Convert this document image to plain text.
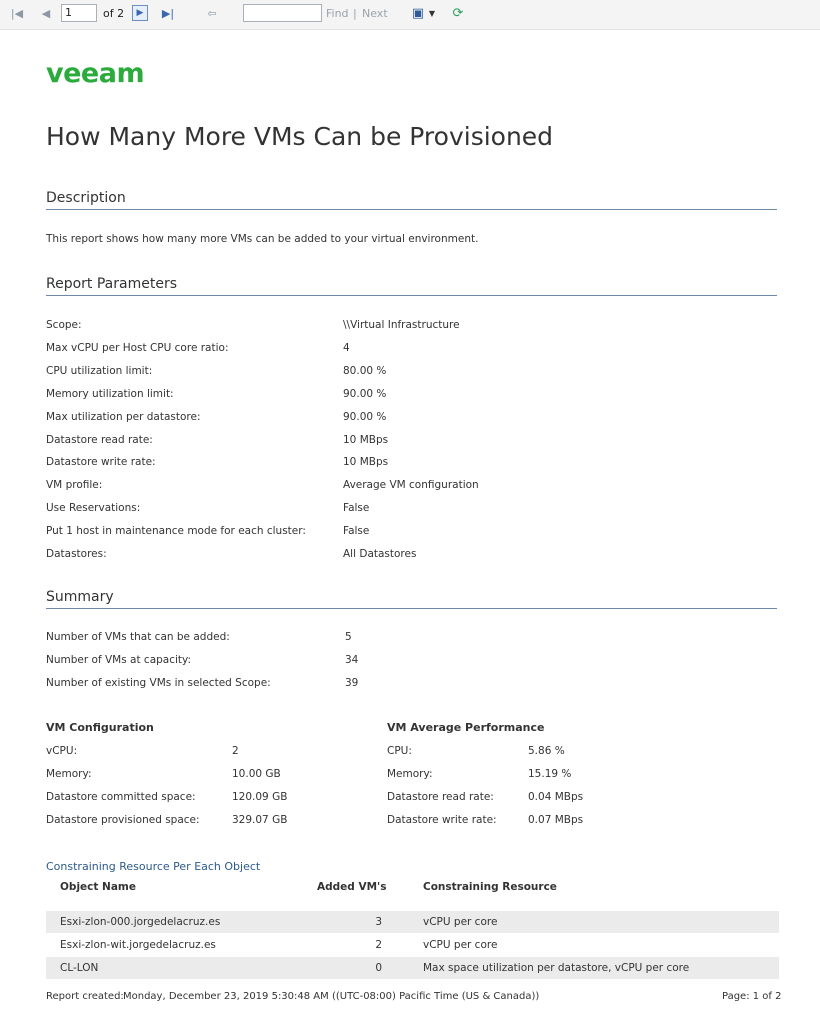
|◀	◀	1	of 2	▶	▶|	⇦	Find | Next ▣ ▼ ⟳
veeam
How Many More VMs Can be Provisioned
Description
This report shows how many more VMs can be added to your virtual environment.
Report Parameters
Scope:	\\Virtual Infrastructure
Max vCPU per Host CPU core ratio:	4
CPU utilization limit:	80.00 %
Memory utilization limit:	90.00 %
Max utilization per datastore:	90.00 %
Datastore read rate:	10 MBps
Datastore write rate:	10 MBps
VM profile:	Average VM configuration
Use Reservations:	False
Put 1 host in maintenance mode for each cluster:	False
Datastores:	All Datastores
Summary
Number of VMs that can be added:	5
Number of VMs at capacity:	34
Number of existing VMs in selected Scope:	39
VM Configuration
vCPU:	2
Memory:	10.00 GB
Datastore committed space:	120.09 GB
Datastore provisioned space:	329.07 GB
VM Average Performance
CPU:	5.86 %
Memory:	15.19 %
Datastore read rate:	0.04 MBps
Datastore write rate:	0.07 MBps
Constraining Resource Per Each Object
Object Name	Added VM's	Constraining Resource
Esxi-zlon-000.jorgedelacruz.es	3	vCPU per core
Esxi-zlon-wit.jorgedelacruz.es	2	vCPU per core
CL-LON	0	Max space utilization per datastore, vCPU per core
Report created: Monday, December 23, 2019 5:30:48 AM ((UTC-08:00) Pacific Time (US & Canada))	Page: 1 of 2
